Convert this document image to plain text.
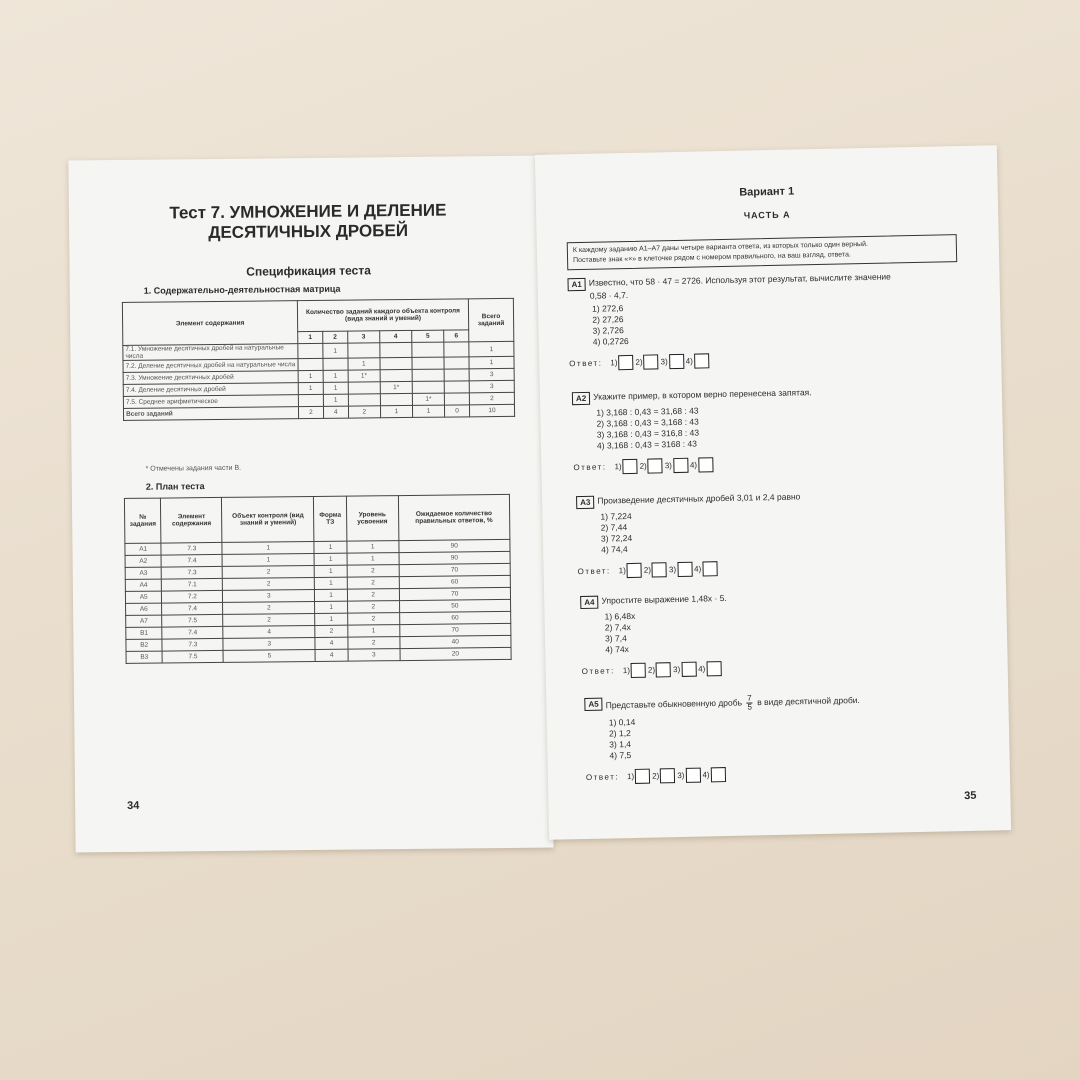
Тест 7. УМНОЖЕНИЕ И ДЕЛЕНИЕ
ДЕСЯТИЧНЫХ ДРОБЕЙ
Спецификация теста
1. Содержательно-деятельностная матрица
Элемент содержания	Количество заданий каждого объекта контроля (вида знаний и умений)						Всего заданий
	1	2	3	4	5	6	
7.1. Умножение десятичных дробей на натуральные числа		1					1
7.2. Деление десятичных дробей на натуральные числа			1				1
7.3. Умножение десятичных дробей	1	1	1*				3
7.4. Деление десятичных дробей	1	1		1*			3
7.5. Среднее арифметическое		1			1*		2
Всего заданий	2	4	2	1	1	0	10
* Отмечены задания части В.
2. План теста
№ задания	Элемент содержания	Объект контроля (вид знаний и умений)	Форма ТЗ	Уровень усвоения	Ожидаемое количество правильных ответов, %
А1	7.3	1	1	1	90
А2	7.4	1	1	1	90
А3	7.3	2	1	2	70
А4	7.1	2	1	2	60
А5	7.2	3	1	2	70
А6	7.4	2	1	2	50
А7	7.5	2	1	2	60
В1	7.4	4	2	1	70
В2	7.3	3	4	2	40
В3	7.5	5	4	3	20
34
Вариант 1
ЧАСТЬ А
К каждому заданию А1–А7 даны четыре варианта ответа, из которых только один верный.
Поставьте знак «×» в клеточке рядом с номером правильного, на ваш взгляд, ответа.
А1 Известно, что 58 · 47 = 2726. Используя этот результат, вычислите значение
0,58 · 4,7.
1) 272,6
2) 27,26
3) 2,726
4) 0,2726
Ответ: 1) 2) 3) 4)
А2 Укажите пример, в котором верно перенесена запятая.
1) 3,168 : 0,43 = 31,68 : 43
2) 3,168 : 0,43 = 3,168 : 43
3) 3,168 : 0,43 = 316,8 : 43
4) 3,168 : 0,43 = 3168 : 43
Ответ: 1) 2) 3) 4)
А3 Произведение десятичных дробей 3,01 и 2,4 равно
1) 7,224
2) 7,44
3) 72,24
4) 74,4
Ответ: 1) 2) 3) 4)
А4 Упростите выражение 1,48x · 5.
1) 6,48x
2) 7,4x
3) 7,4
4) 74x
Ответ: 1) 2) 3) 4)
А5 Представьте обыкновенную дробь $\frac{7}{5}$ в виде десятичной дроби.
1) 0,14
2) 1,2
3) 1,4
4) 7,5
Ответ: 1) 2) 3) 4)
35
